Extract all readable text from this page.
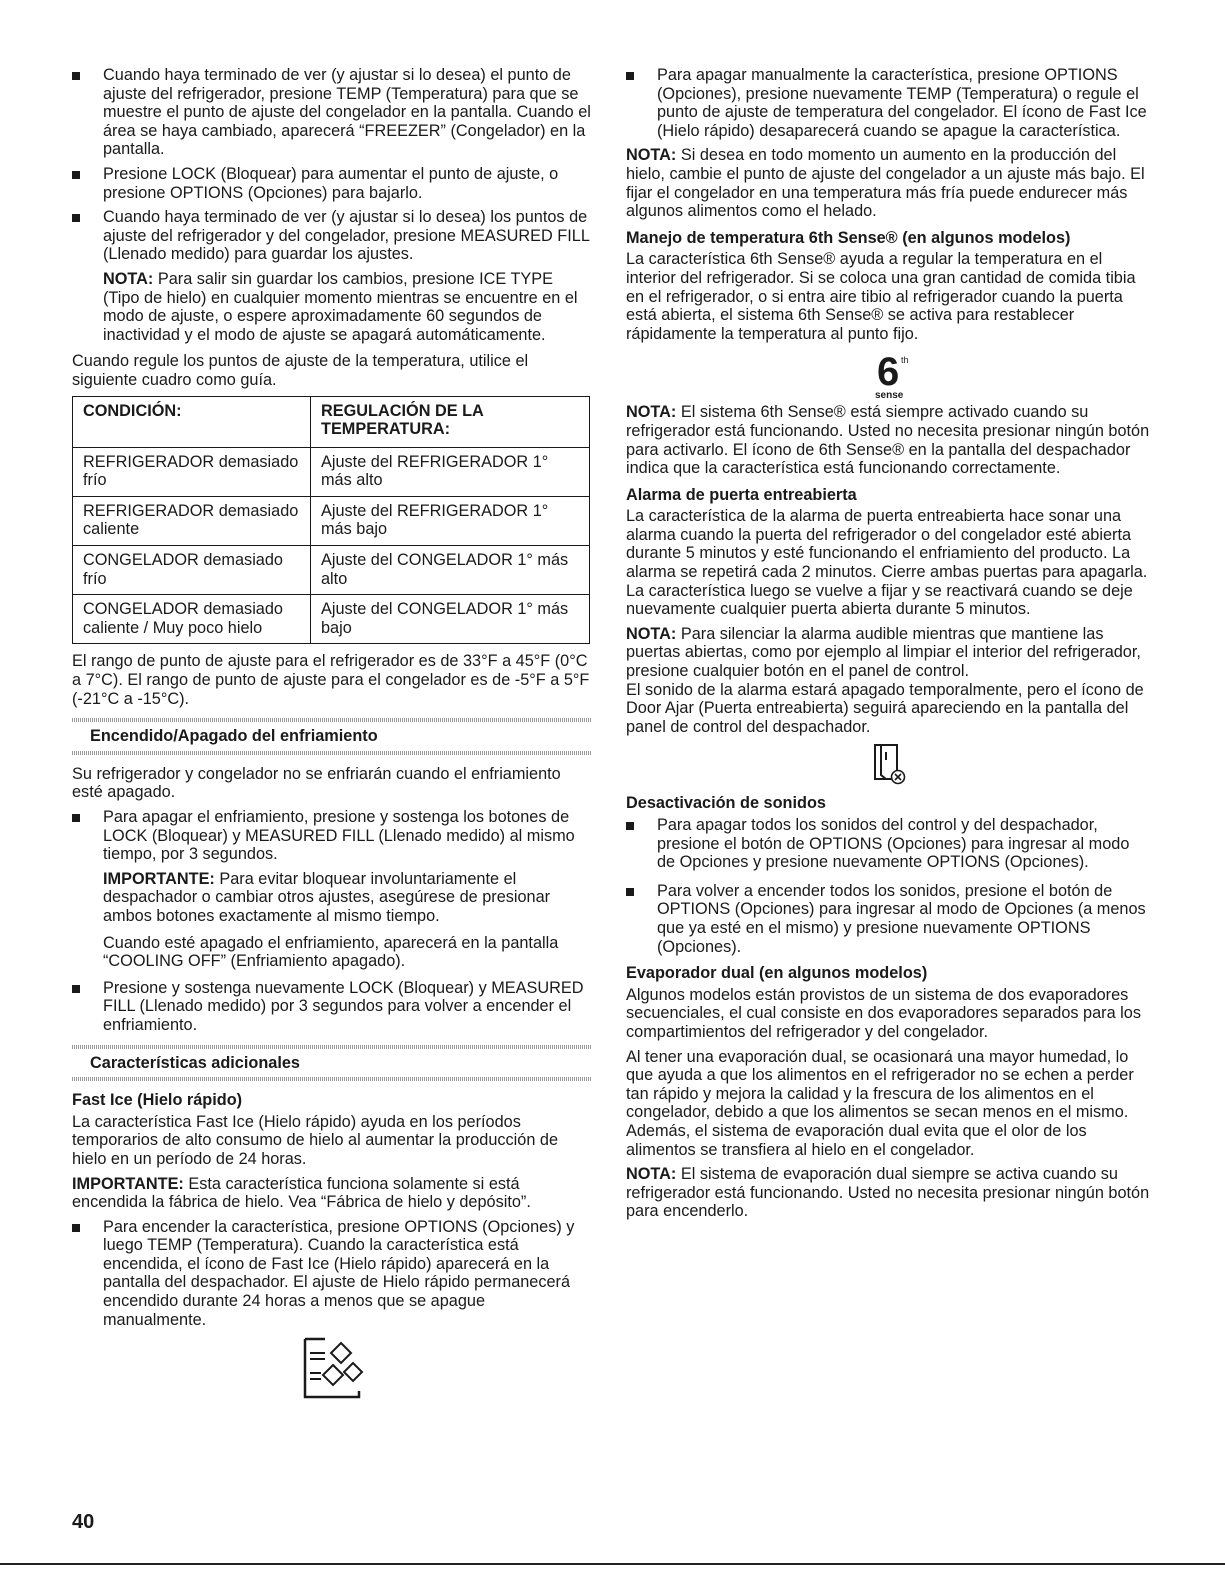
Cuando haya terminado de ver (y ajustar si lo desea) el punto de ajuste del refrigerador, presione TEMP (Temperatura) para que se muestre el punto de ajuste del congelador en la pantalla. Cuando el área se haya cambiado, aparecerá “FREEZER” (Congelador) en la pantalla.
Presione LOCK (Bloquear) para aumentar el punto de ajuste, o presione OPTIONS (Opciones) para bajarlo.
Cuando haya terminado de ver (y ajustar si lo desea) los puntos de ajuste del refrigerador y del congelador, presione MEASURED FILL (Llenado medido) para guardar los ajustes.

NOTA: Para salir sin guardar los cambios, presione ICE TYPE (Tipo de hielo) en cualquier momento mientras se encuentre en el modo de ajuste, o espere aproximadamente 60 segundos de inactividad y el modo de ajuste se apagará automáticamente.

Cuando regule los puntos de ajuste de la temperatura, utilice el siguiente cuadro como guía.

CONDICIÓN:	REGULACIÓN DE LA TEMPERATURA:
REFRIGERADOR demasiado frío	Ajuste del REFRIGERADOR 1° más alto
REFRIGERADOR demasiado caliente	Ajuste del REFRIGERADOR 1° más bajo
CONGELADOR demasiado frío	Ajuste del CONGELADOR 1° más alto
CONGELADOR demasiado caliente / Muy poco hielo	Ajuste del CONGELADOR 1° más bajo

El rango de punto de ajuste para el refrigerador es de 33°F a 45°F (0°C a 7°C). El rango de punto de ajuste para el congelador es de -5°F a 5°F (-21°C a -15°C).

Encendido/Apagado del enfriamiento

Su refrigerador y congelador no se enfriarán cuando el enfriamiento esté apagado.

Para apagar el enfriamiento, presione y sostenga los botones de LOCK (Bloquear) y MEASURED FILL (Llenado medido) al mismo tiempo, por 3 segundos.

IMPORTANTE: Para evitar bloquear involuntariamente el despachador o cambiar otros ajustes, asegúrese de presionar ambos botones exactamente al mismo tiempo.

Cuando esté apagado el enfriamiento, aparecerá en la pantalla “COOLING OFF” (Enfriamiento apagado).

Presione y sostenga nuevamente LOCK (Bloquear) y MEASURED FILL (Llenado medido) por 3 segundos para volver a encender el enfriamiento.
Características adicionales
Fast Ice (Hielo rápido)

La característica Fast Ice (Hielo rápido) ayuda en los períodos temporarios de alto consumo de hielo al aumentar la producción de hielo en un período de 24 horas.

IMPORTANTE: Esta característica funciona solamente si está encendida la fábrica de hielo. Vea “Fábrica de hielo y depósito”.

Para encender la característica, presione OPTIONS (Opciones) y luego TEMP (Temperatura). Cuando la característica está encendida, el ícono de Fast Ice (Hielo rápido) aparecerá en la pantalla del despachador. El ajuste de Hielo rápido permanecerá encendido durante 24 horas a menos que se apague manualmente.
Para apagar manualmente la característica, presione OPTIONS (Opciones), presione nuevamente TEMP (Temperatura) o regule el punto de ajuste de temperatura del congelador. El ícono de Fast Ice (Hielo rápido) desaparecerá cuando se apague la característica.

NOTA: Si desea en todo momento un aumento en la producción del hielo, cambie el punto de ajuste del congelador a un ajuste más bajo. El fijar el congelador en una temperatura más fría puede endurecer más algunos alimentos como el helado.

Manejo de temperatura 6th Sense® (en algunos modelos)

La característica 6th Sense® ayuda a regular la temperatura en el interior del refrigerador. Si se coloca una gran cantidad de comida tibia en el refrigerador, o si entra aire tibio al refrigerador cuando la puerta está abierta, el sistema 6th Sense® se activa para restablecer rápidamente la temperatura al punto fijo.

6 th
sense

NOTA: El sistema 6th Sense® está siempre activado cuando su refrigerador está funcionando. Usted no necesita presionar ningún botón para activarlo. El ícono de 6th Sense® en la pantalla del despachador indica que la característica está funcionando correctamente.

Alarma de puerta entreabierta

La característica de la alarma de puerta entreabierta hace sonar una alarma cuando la puerta del refrigerador o del congelador esté abierta durante 5 minutos y esté funcionando el enfriamiento del producto. La alarma se repetirá cada 2 minutos. Cierre ambas puertas para apagarla. La característica luego se vuelve a fijar y se reactivará cuando se deje nuevamente cualquier puerta abierta durante 5 minutos.

NOTA: Para silenciar la alarma audible mientras que mantiene las puertas abiertas, como por ejemplo al limpiar el interior del refrigerador, presione cualquier botón en el panel de control.

El sonido de la alarma estará apagado temporalmente, pero el ícono de Door Ajar (Puerta entreabierta) seguirá apareciendo en la pantalla del panel de control del despachador.

Desactivación de sonidos
Para apagar todos los sonidos del control y del despachador, presione el botón de OPTIONS (Opciones) para ingresar al modo de Opciones y presione nuevamente OPTIONS (Opciones).
Para volver a encender todos los sonidos, presione el botón de OPTIONS (Opciones) para ingresar al modo de Opciones (a menos que ya esté en el mismo) y presione nuevamente OPTIONS (Opciones).
Evaporador dual (en algunos modelos)

Algunos modelos están provistos de un sistema de dos evaporadores secuenciales, el cual consiste en dos evaporadores separados para los compartimientos del refrigerador y del congelador.

Al tener una evaporación dual, se ocasionará una mayor humedad, lo que ayuda a que los alimentos en el refrigerador no se echen a perder tan rápido y mejora la calidad y la frescura de los alimentos en el congelador, debido a que los alimentos se secan menos en el mismo. Además, el sistema de evaporación dual evita que el olor de los alimentos se transfiera al hielo en el congelador.

NOTA: El sistema de evaporación dual siempre se activa cuando su refrigerador está funcionando. Usted no necesita presionar ningún botón para encenderlo.

40
